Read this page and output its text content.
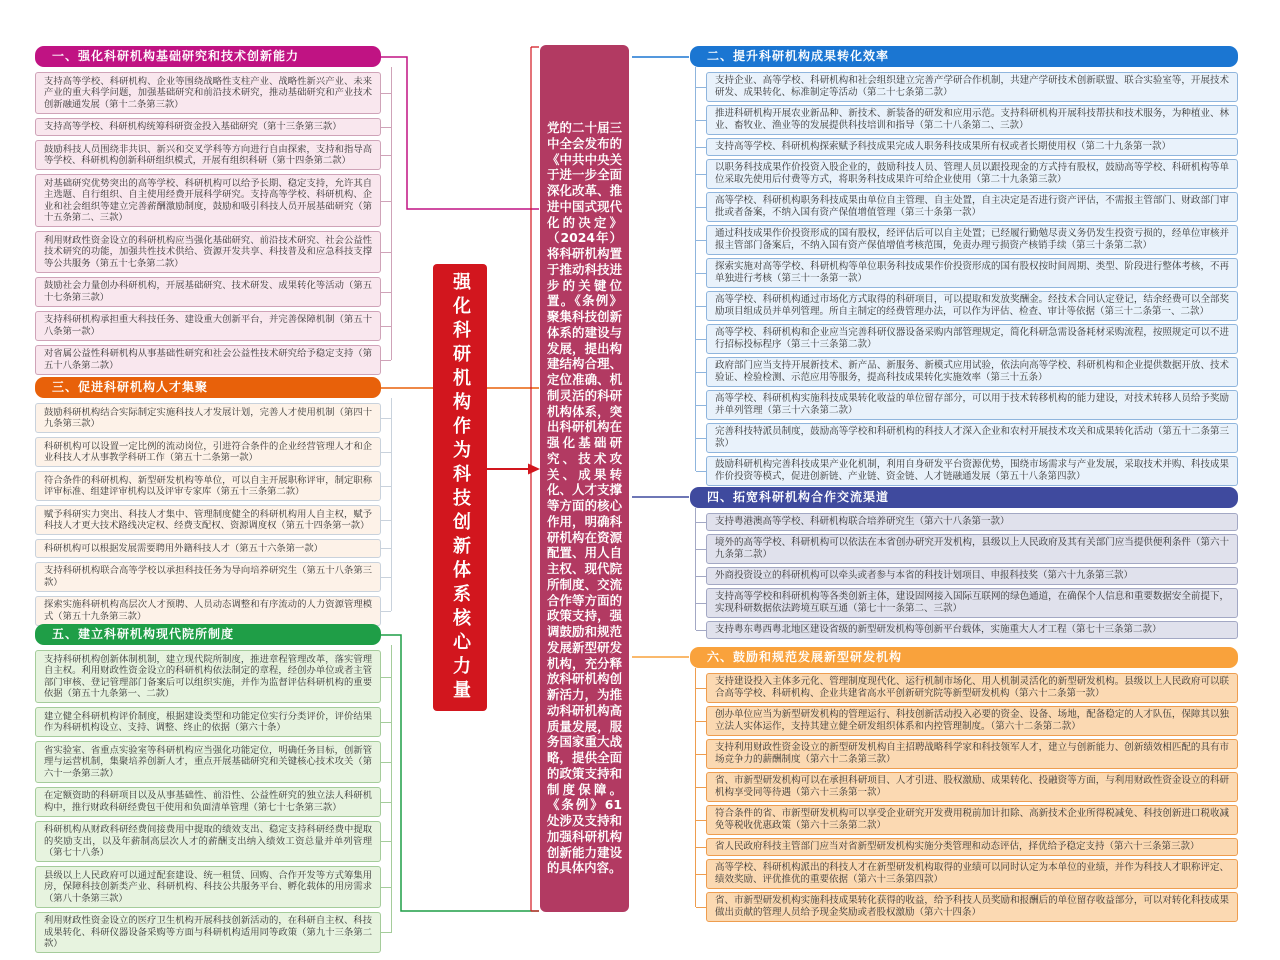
强化科研机构作为科技创新体系核心力量
党的二十届三中全会发布的《中共中央关于进一步全面深化改革、推进中国式现代化的决定》（2024年）将科研机构置于推动科技进步的关键位置。《条例》聚集科技创新体系的建设与发展，提出构建结构合理、定位准确、机制灵活的科研机构体系，突出科研机构在强化基础研究、技术攻关、成果转化、人才支撑等方面的核心作用，明确科研机构在资源配置、用人自主权、现代院所制度、交流合作等方面的政策支持，强调鼓励和规范发展新型研发机构，充分释放科研机构创新活力，为推动科研机构高质量发展，服务国家重大战略，提供全面的政策支持和制度保障。《条例》61处涉及支持和加强科研机构创新能力建设的具体内容。
一、强化科研机构基础研究和技术创新能力
支持高等学校、科研机构、企业等围绕战略性支柱产业、战略性新兴产业、未来产业的重大科学问题，加强基础研究和前沿技术研究，推动基础研究和产业技术创新融通发展（第十二条第三款）
支持高等学校、科研机构统筹科研资金投入基础研究（第十三条第三款）
鼓励科技人员围绕非共识、新兴和交叉学科等方向进行自由探索，支持和指导高等学校、科研机构创新科研组织模式，开展有组织科研（第十四条第二款）
对基础研究优势突出的高等学校、科研机构可以给予长期、稳定支持，允许其自主选题、自行组织、自主使用经费开展科学研究。支持高等学校、科研机构、企业和社会组织等建立完善薪酬激励制度，鼓励和吸引科技人员开展基础研究（第十五条第二、三款）
利用财政性资金设立的科研机构应当强化基础研究、前沿技术研究、社会公益性技术研究的功能，加强共性技术供给、资源开发共享、科技普及和应急科技支撑等公共服务（第五十七条第二款）
鼓励社会力量创办科研机构，开展基础研究、技术研发、成果转化等活动（第五十七条第三款）
支持科研机构承担重大科技任务、建设重大创新平台，并完善保障机制（第五十八条第一款）
对省属公益性科研机构从事基础性研究和社会公益性技术研究给予稳定支持（第五十八条第二款）
二、提升科研机构成果转化效率
支持企业、高等学校、科研机构和社会组织建立完善产学研合作机制，共建产学研技术创新联盟、联合实验室等，开展技术研发、成果转化、标准制定等活动（第二十七条第二款）
推进科研机构开展农业新品种、新技术、新装备的研发和应用示范。支持科研机构开展科技帮扶和技术服务，为种植业、林业、畜牧业、渔业等的发展提供科技培训和指导（第二十八条第二、三款）
支持高等学校、科研机构探索赋予科技成果完成人职务科技成果所有权或者长期使用权（第二十九条第一款）
以职务科技成果作价投资入股企业的，鼓励科技人员、管理人员以跟投现金的方式持有股权，鼓励高等学校、科研机构等单位采取先使用后付费等方式，将职务科技成果许可给企业使用（第二十九条第三款）
高等学校、科研机构职务科技成果由单位自主管理、自主处置，自主决定是否进行资产评估，不需报主管部门、财政部门审批或者备案，不纳入国有资产保值增值管理（第三十条第一款）
通过科技成果作价投资形成的国有股权，经评估后可以自主处置；已经履行勤勉尽责义务仍发生投资亏损的，经单位审核并报主管部门备案后，不纳入国有资产保值增值考核范围，免责办理亏损资产核销手续（第三十条第二款）
探索实施对高等学校、科研机构等单位职务科技成果作价投资形成的国有股权按时间周期、类型、阶段进行整体考核，不再单独进行考核（第三十一条第一款）
高等学校、科研机构通过市场化方式取得的科研项目，可以提取和发放奖酬金。经技术合同认定登记，结余经费可以全部奖励项目组成员并单列管理。所自主制定的经费管理办法，可以作为评估、检查、审计等依据（第三十二条第一、二款）
高等学校、科研机构和企业应当完善科研仪器设备采购内部管理规定，简化科研急需设备耗材采购流程，按照规定可以不进行招标投标程序（第三十三条第二款）
政府部门应当支持开展新技术、新产品、新服务、新模式应用试验，依法向高等学校、科研机构和企业提供数据开放、技术验证、检验检测、示范应用等服务，提高科技成果转化实施效率（第三十五条）
高等学校、科研机构实施科技成果转化收益的单位留存部分，可以用于技术转移机构的能力建设，对技术转移人员给予奖励并单列管理（第三十六条第二款）
完善科技特派员制度，鼓励高等学校和科研机构的科技人才深入企业和农村开展技术攻关和成果转化活动（第五十二条第三款）
鼓励科研机构完善科技成果产业化机制，利用自身研发平台资源优势，围绕市场需求与产业发展，采取技术并购、科技成果作价投资等模式，促进创新链、产业链、资金链、人才链融通发展（第五十八条第四款）
三、促进科研机构人才集聚
鼓励科研机构结合实际制定实施科技人才发展计划，完善人才使用机制（第四十九条第三款）
科研机构可以设置一定比例的流动岗位，引进符合条件的企业经营管理人才和企业科技人才从事教学科研工作（第五十二条第一款）
符合条件的科研机构、新型研发机构等单位，可以自主开展职称评审，制定职称评审标准、组建评审机构以及评审专家库（第五十三条第二款）
赋予科研实力突出、科技人才集中、管理制度健全的科研机构用人自主权，赋予科技人才更大技术路线决定权、经费支配权、资源调度权（第五十四条第一款）
科研机构可以根据发展需要聘用外籍科技人才（第五十六条第一款）
支持科研机构联合高等学校以承担科技任务为导向培养研究生（第五十八条第三款）
探索实施科研机构高层次人才预聘、人员动态调整和有序流动的人力资源管理模式（第五十九条第三款）
四、拓宽科研机构合作交流渠道
支持粤港澳高等学校、科研机构联合培养研究生（第六十八条第一款）
境外的高等学校、科研机构可以依法在本省创办研究开发机构，县级以上人民政府及其有关部门应当提供便利条件（第六十九条第二款）
外商投资设立的科研机构可以牵头或者参与本省的科技计划项目、申报科技奖（第六十九条第三款）
支持高等学校和科研机构等各类创新主体，建设固网接入国际互联网的绿色通道，在确保个人信息和重要数据安全前提下，实现科研数据依法跨境互联互通（第七十一条第二、三款）
支持粤东粤西粤北地区建设省级的新型研发机构等创新平台载体，实施重大人才工程（第七十三条第二款）
五、建立科研机构现代院所制度
支持科研机构创新体制机制，建立现代院所制度，推进章程管理改革，落实管理自主权。利用财政性资金设立的科研机构依法制定的章程，经创办单位或者主管部门审核、登记管理部门备案后可以组织实施，并作为监督评估科研机构的重要依据（第五十九条第一、二款）
建立健全科研机构评价制度，根据建设类型和功能定位实行分类评价，评价结果作为科研机构设立、支持、调整、终止的依据（第六十条）
省实验室、省重点实验室等科研机构应当强化功能定位，明确任务目标，创新管理与运营机制，集聚培养创新人才，重点开展基础研究和关键核心技术攻关（第六十一条第三款）
在定额资助的科研项目以及从事基础性、前沿性、公益性研究的独立法人科研机构中，推行财政科研经费包干使用和负面清单管理（第七十七条第三款）
科研机构从财政科研经费间接费用中提取的绩效支出、稳定支持科研经费中提取的奖励支出，以及年薪制高层次人才的薪酬支出纳入绩效工资总量并单列管理（第七十八条）
县级以上人民政府可以通过配套建设、统一租赁、回购、合作开发等方式筹集用房，保障科技创新类产业、科研机构、科技公共服务平台、孵化载体的用房需求（第八十条第三款）
利用财政性资金设立的医疗卫生机构开展科技创新活动的，在科研自主权、科技成果转化、科研仪器设备采购等方面与科研机构适用同等政策（第九十三条第二款）
六、鼓励和规范发展新型研发机构
支持建设投入主体多元化、管理制度现代化、运行机制市场化、用人机制灵活化的新型研发机构。县级以上人民政府可以联合高等学校、科研机构、企业共建省高水平创新研究院等新型研发机构（第六十二条第一款）
创办单位应当为新型研发机构的管理运行、科技创新活动投入必要的资金、设备、场地，配备稳定的人才队伍，保障其以独立法人实体运作，支持其建立健全研发组织体系和内控管理制度。（第六十二条第二款）
支持利用财政性资金设立的新型研发机构自主招聘战略科学家和科技领军人才，建立与创新能力、创新绩效相匹配的具有市场竞争力的薪酬制度（第六十二条第三款）
省、市新型研发机构可以在承担科研项目、人才引进、股权激励、成果转化、投融资等方面，与利用财政性资金设立的科研机构享受同等待遇（第六十三条第一款）
符合条件的省、市新型研发机构可以享受企业研究开发费用税前加计扣除、高新技术企业所得税减免、科技创新进口税收减免等税收优惠政策（第六十三条第二款）
省人民政府科技主管部门应当对省新型研发机构实施分类管理和动态评估，择优给予稳定支持（第六十三条第三款）
高等学校、科研机构派出的科技人才在新型研发机构取得的业绩可以同时认定为本单位的业绩，并作为科技人才职称评定、绩效奖励、评优推优的重要依据（第六十三条第四款）
省、市新型研发机构实施科技成果转化获得的收益，给予科技人员奖励和报酬后的单位留存收益部分，可以对转化科技成果做出贡献的管理人员给予现金奖励或者股权激励（第六十四条）
